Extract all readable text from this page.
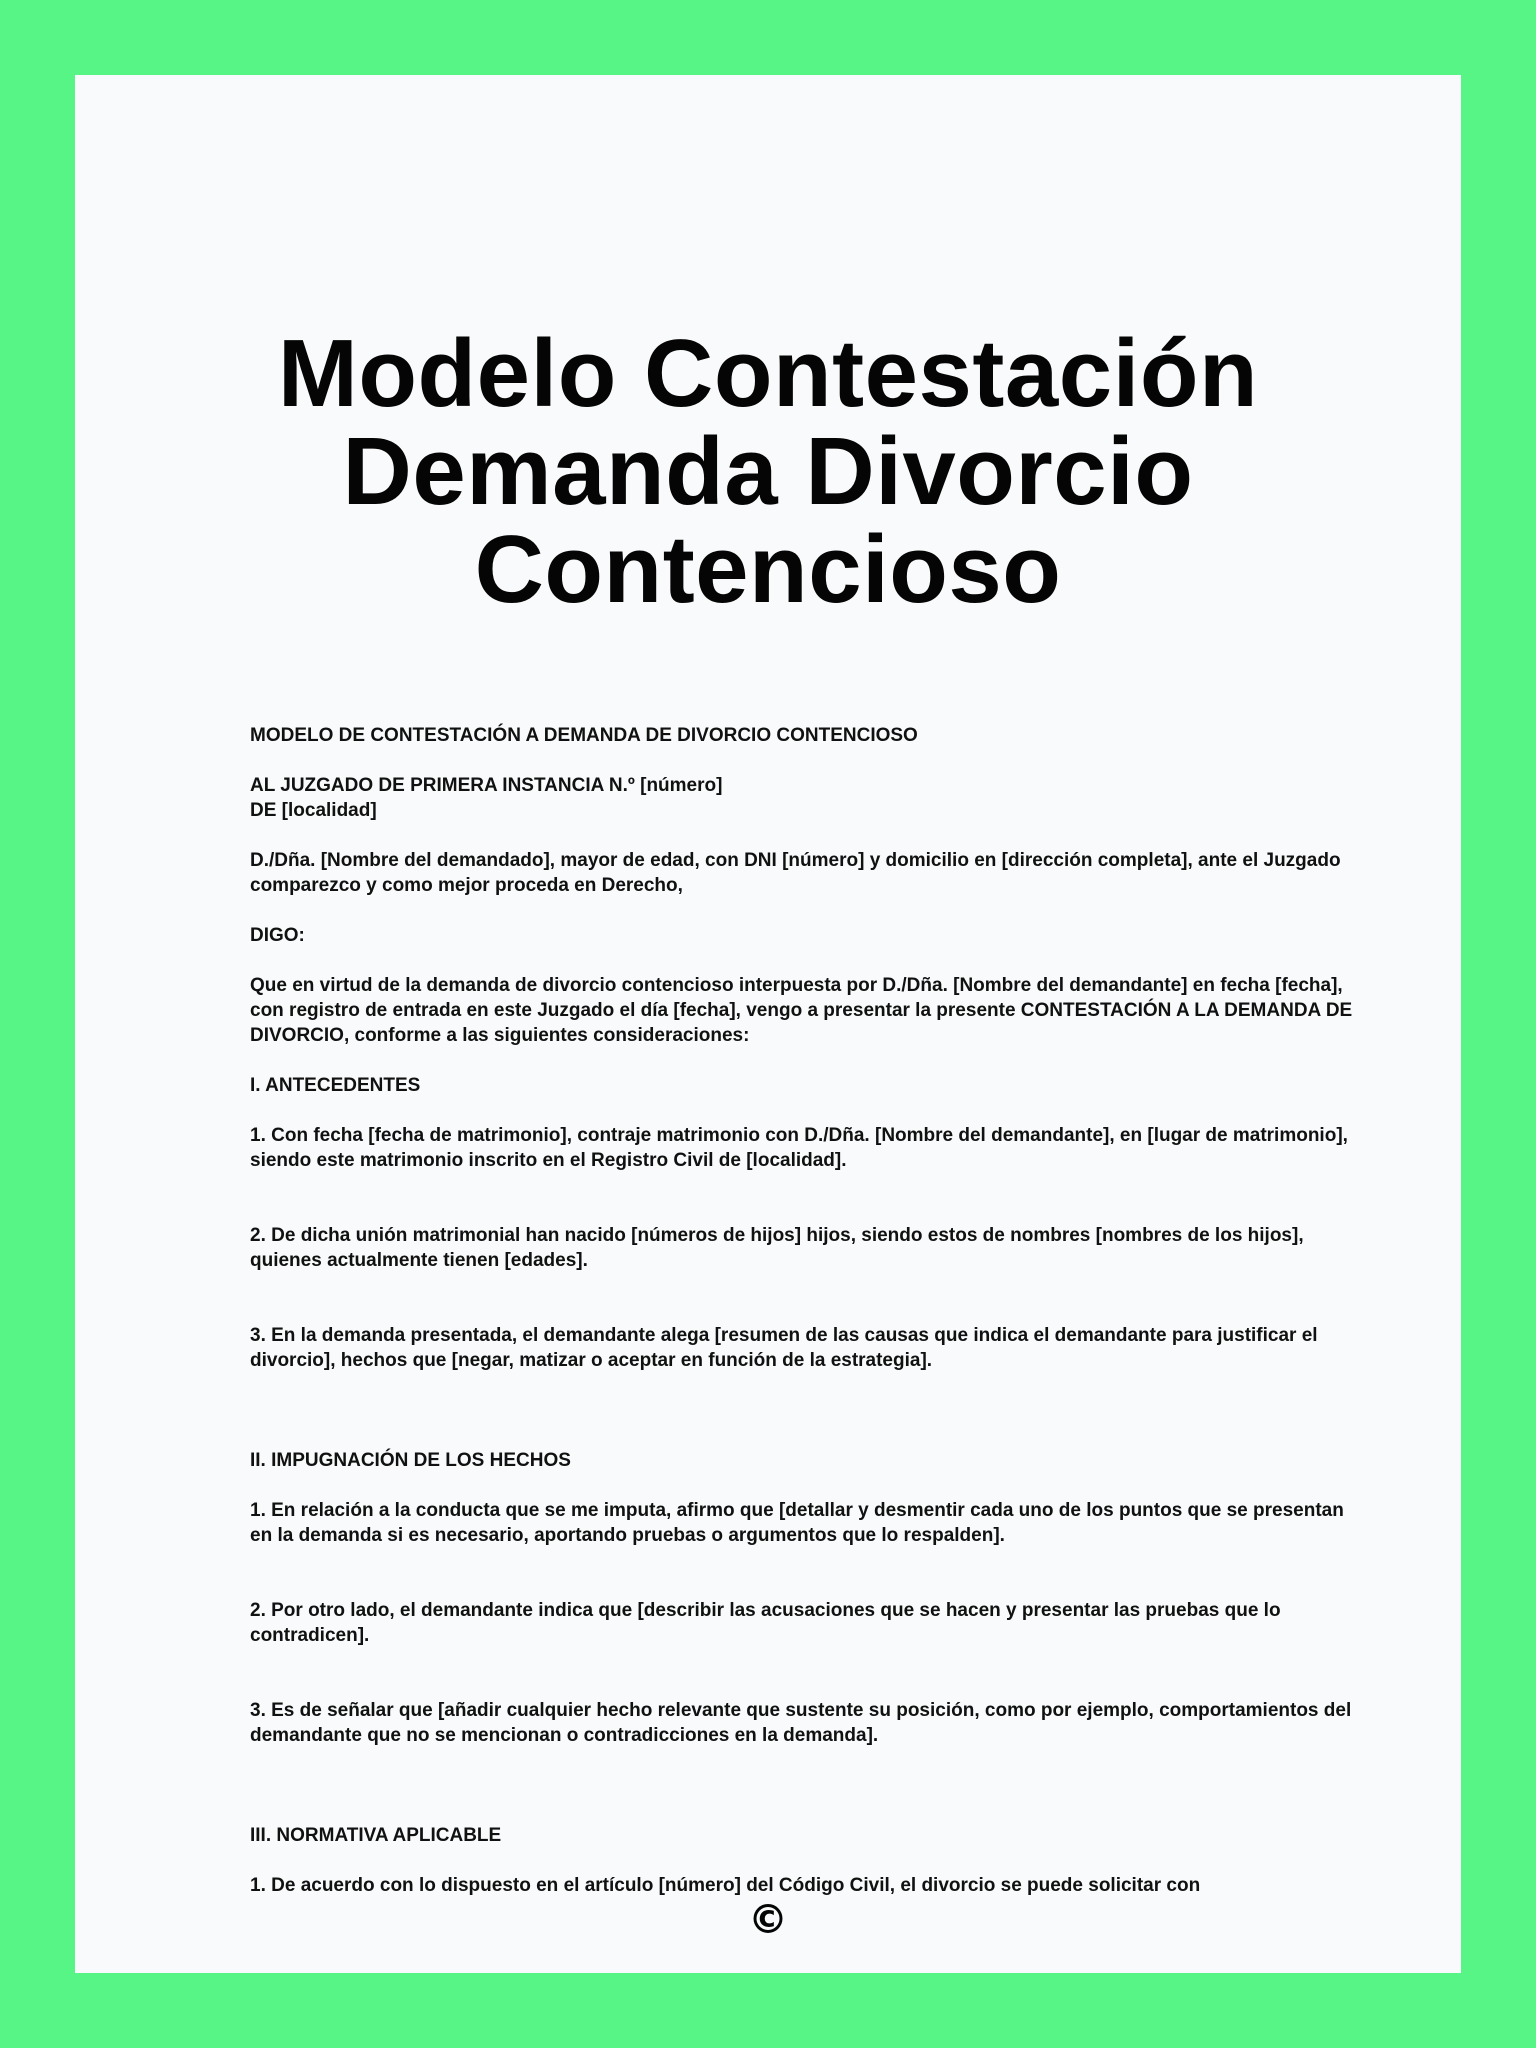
Modelo Contestación
Demanda Divorcio
Contencioso

MODELO DE CONTESTACIÓN A DEMANDA DE DIVORCIO CONTENCIOSO

AL JUZGADO DE PRIMERA INSTANCIA N.º [número]

DE [localidad]

D./Dña. [Nombre del demandado], mayor de edad, con DNI [número] y domicilio en [dirección completa], ante el Juzgado comparezco y como mejor proceda en Derecho,

DIGO:

Que en virtud de la demanda de divorcio contencioso interpuesta por D./Dña. [Nombre del demandante] en fecha [fecha], con registro de entrada en este Juzgado el día [fecha], vengo a presentar la presente CONTESTACIÓN A LA DEMANDA DE DIVORCIO, conforme a las siguientes consideraciones:

I. ANTECEDENTES

1. Con fecha [fecha de matrimonio], contraje matrimonio con D./Dña. [Nombre del demandante], en [lugar de matrimonio], siendo este matrimonio inscrito en el Registro Civil de [localidad].

2. De dicha unión matrimonial han nacido [números de hijos] hijos, siendo estos de nombres [nombres de los hijos], quienes actualmente tienen [edades].

3. En la demanda presentada, el demandante alega [resumen de las causas que indica el demandante para justificar el divorcio], hechos que [negar, matizar o aceptar en función de la estrategia].

II. IMPUGNACIÓN DE LOS HECHOS

1. En relación a la conducta que se me imputa, afirmo que [detallar y desmentir cada uno de los puntos que se presentan en la demanda si es necesario, aportando pruebas o argumentos que lo respalden].

2. Por otro lado, el demandante indica que [describir las acusaciones que se hacen y presentar las pruebas que lo contradicen].

3. Es de señalar que [añadir cualquier hecho relevante que sustente su posición, como por ejemplo, comportamientos del demandante que no se mencionan o contradicciones en la demanda].

III. NORMATIVA APLICABLE

1. De acuerdo con lo dispuesto en el artículo [número] del Código Civil, el divorcio se puede solicitar con

©
